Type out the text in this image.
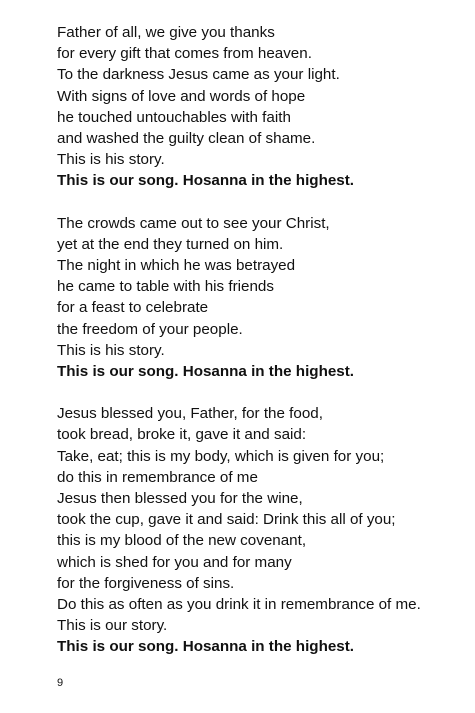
Father of all, we give you thanks
for every gift that comes from heaven.
To the darkness Jesus came as your light.
With signs of love and words of hope
he touched untouchables with faith
and washed the guilty clean of shame.
This is his story.
This is our song. Hosanna in the highest.
The crowds came out to see your Christ,
yet at the end they turned on him.
The night in which he was betrayed
he came to table with his friends
for a feast to celebrate
the freedom of your people.
This is his story.
This is our song. Hosanna in the highest.
Jesus blessed you, Father, for the food,
took bread, broke it, gave it and said:
Take, eat; this is my body, which is given for you;
do this in remembrance of me
Jesus then blessed you for the wine,
took the cup, gave it and said: Drink this all of you;
this is my blood of the new covenant,
which is shed for you and for many
for the forgiveness of sins.
Do this as often as you drink it in remembrance of me.
This is our story.
This is our song. Hosanna in the highest.
9
